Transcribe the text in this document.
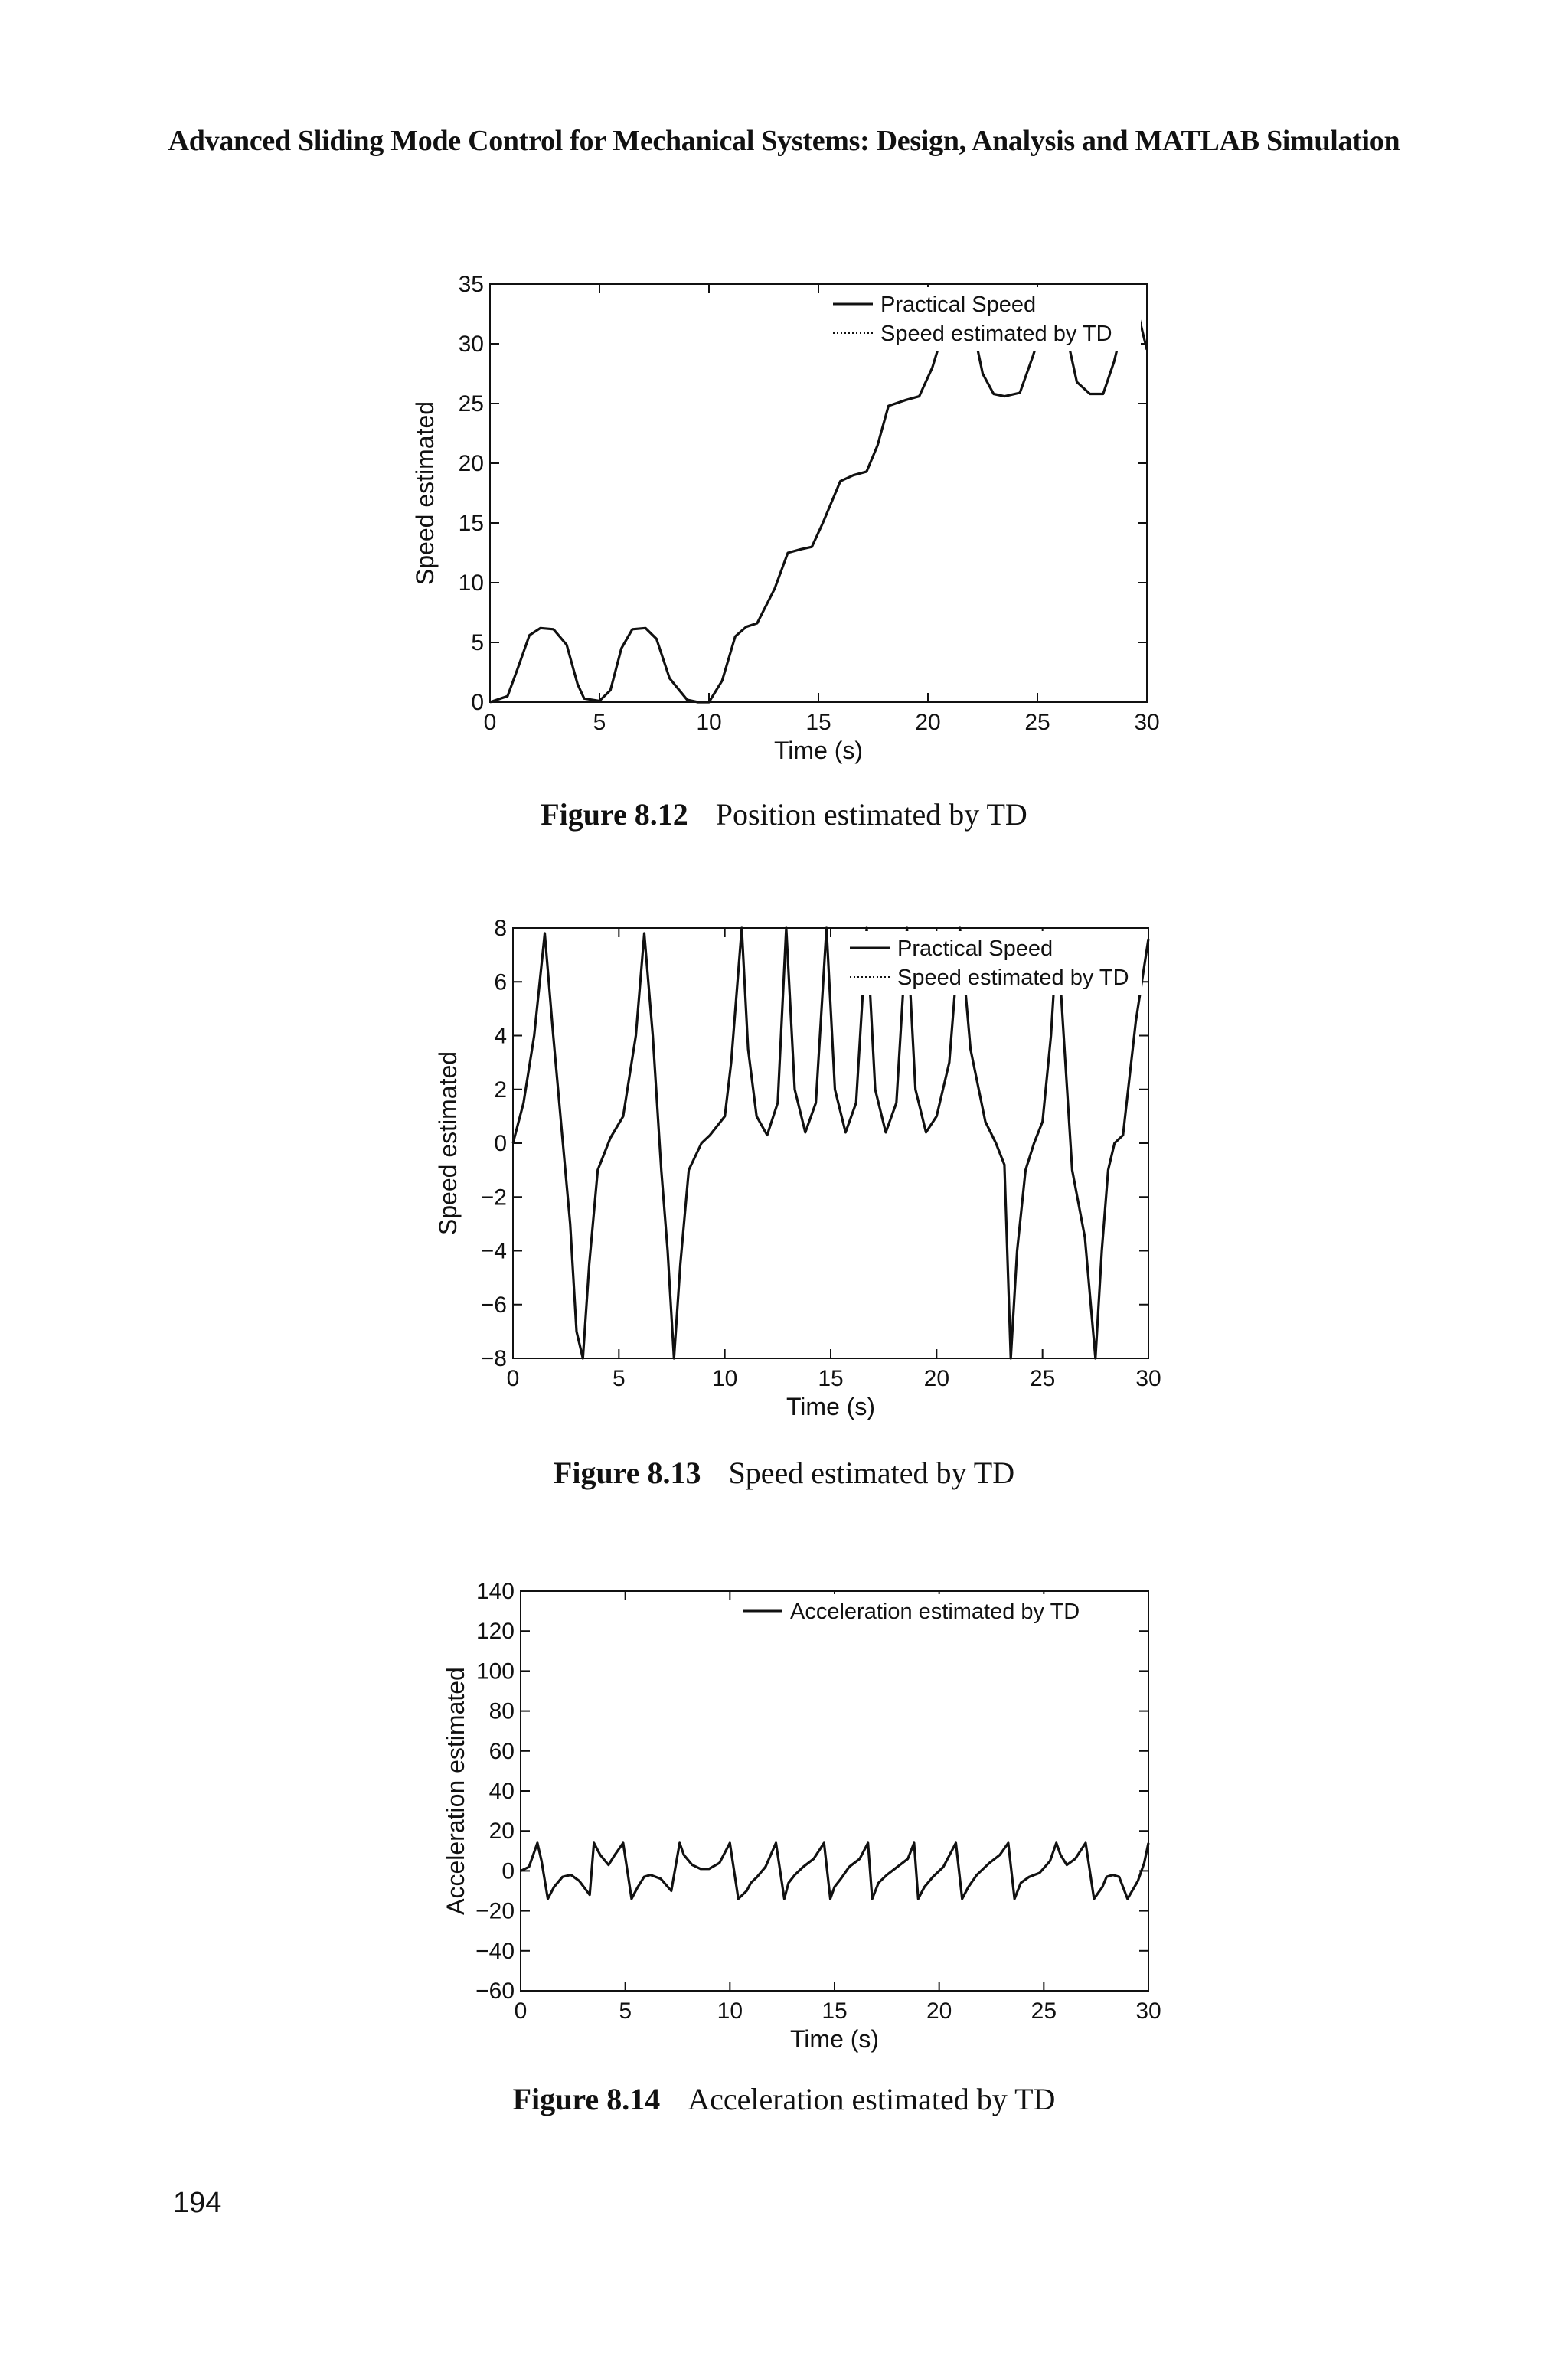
Advanced Sliding Mode Control for Mechanical Systems: Design, Analysis and MATLAB Simulation
0	5	10	15	20	25	30
0
5
10
15
20
25
30
35
Time (s)
Speed estimated
Practical Speed
Speed estimated by TD
Figure 8.12 Position estimated by TD
0	5	10	15	20	25	30
−8
−6
−4
−2
0
2
4
6
8
Time (s)
Speed estimated
Practical Speed
Speed estimated by TD
Figure 8.13 Speed estimated by TD
0	5	10	15	20	25	30
−60
−40
−20
0
20
40
60
80
100
120
140
Time (s)
Acceleration estimated
Acceleration estimated by TD
Figure 8.14 Acceleration estimated by TD
194
